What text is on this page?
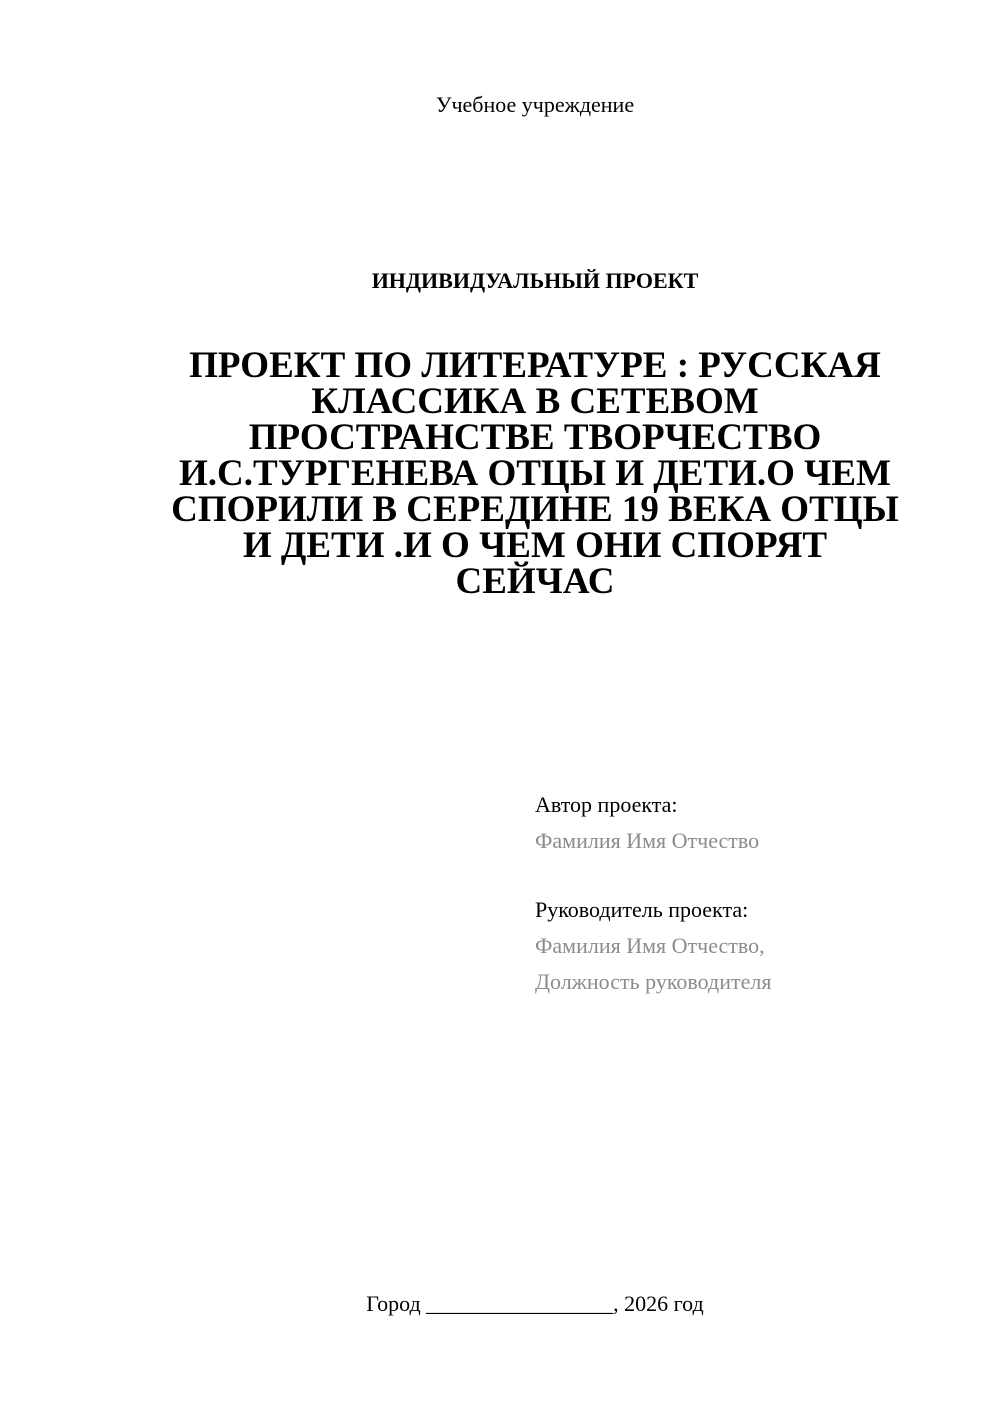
Учебное учреждение
ИНДИВИДУАЛЬНЫЙ ПРОЕКТ
ПРОЕКТ ПО ЛИТЕРАТУРЕ : РУССКАЯ
КЛАССИКА В СЕТЕВОМ
ПРОСТРАНСТВЕ ТВОРЧЕСТВО
И.С.ТУРГЕНЕВА ОТЦЫ И ДЕТИ.О ЧЕМ
СПОРИЛИ В СЕРЕДИНЕ 19 ВЕКА ОТЦЫ
И ДЕТИ .И О ЧЕМ ОНИ СПОРЯТ
СЕЙЧАС
Автор проекта:
Фамилия Имя Отчество
Руководитель проекта:
Фамилия Имя Отчество,
Должность руководителя
Город _________________, 2026 год
